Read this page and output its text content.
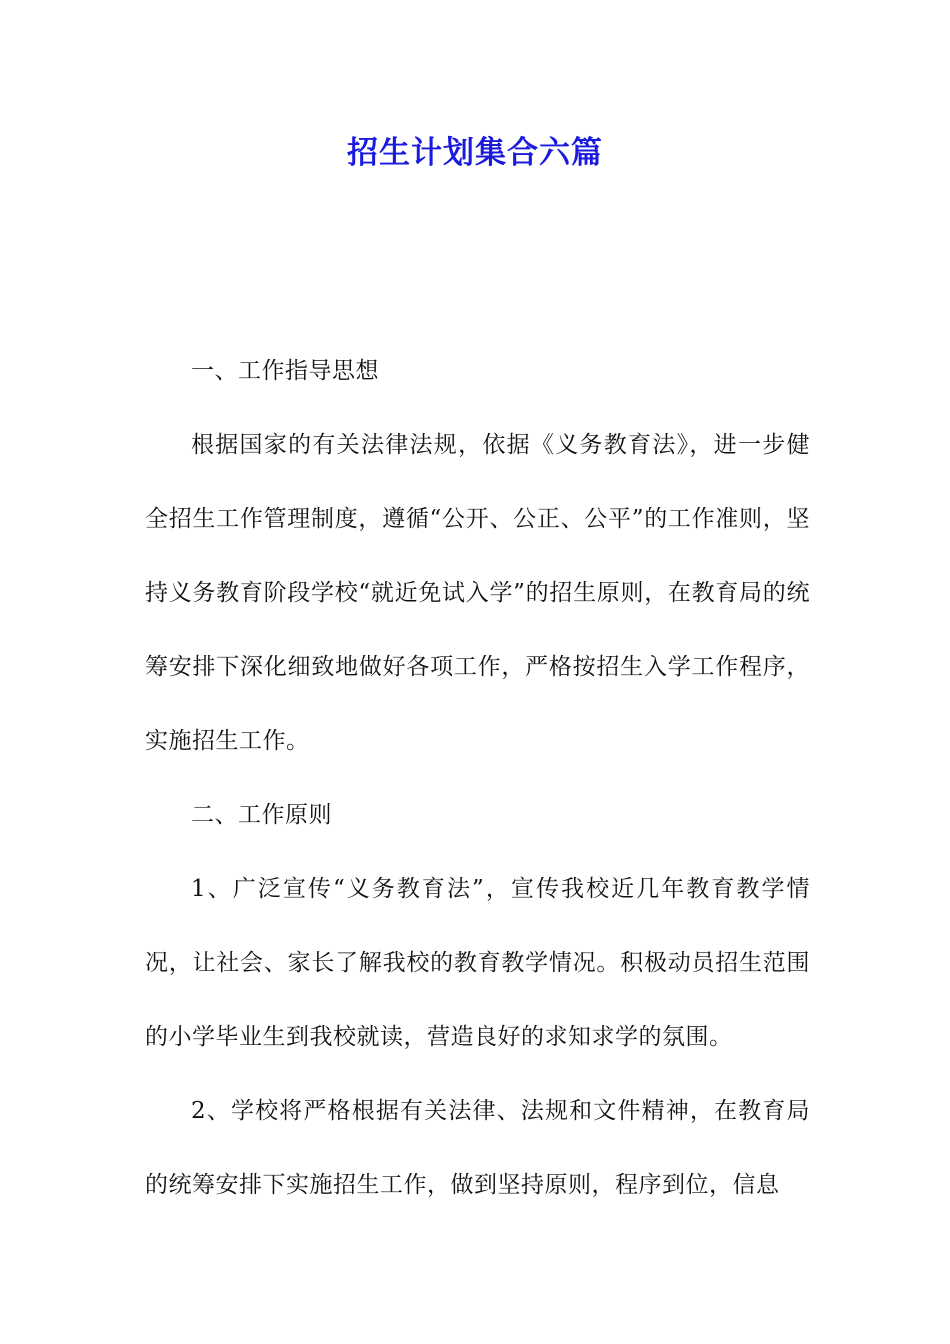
招生计划集合六篇

一、工作指导思想

根据国家的有关法律法规，依据《义务教育法》，进一步健全招生工作管理制度，遵循“公开、公正、公平”的工作准则，坚持义务教育阶段学校“就近免试入学”的招生原则，在教育局的统筹安排下深化细致地做好各项工作，严格按招生入学工作程序，实施招生工作。

二、工作原则

1、广泛宣传“义务教育法”，宣传我校近几年教育教学情况，让社会、家长了解我校的教育教学情况。积极动员招生范围的小学毕业生到我校就读，营造良好的求知求学的氛围。

2、学校将严格根据有关法律、法规和文件精神，在教育局的统筹安排下实施招生工作，做到坚持原则，程序到位，信息
